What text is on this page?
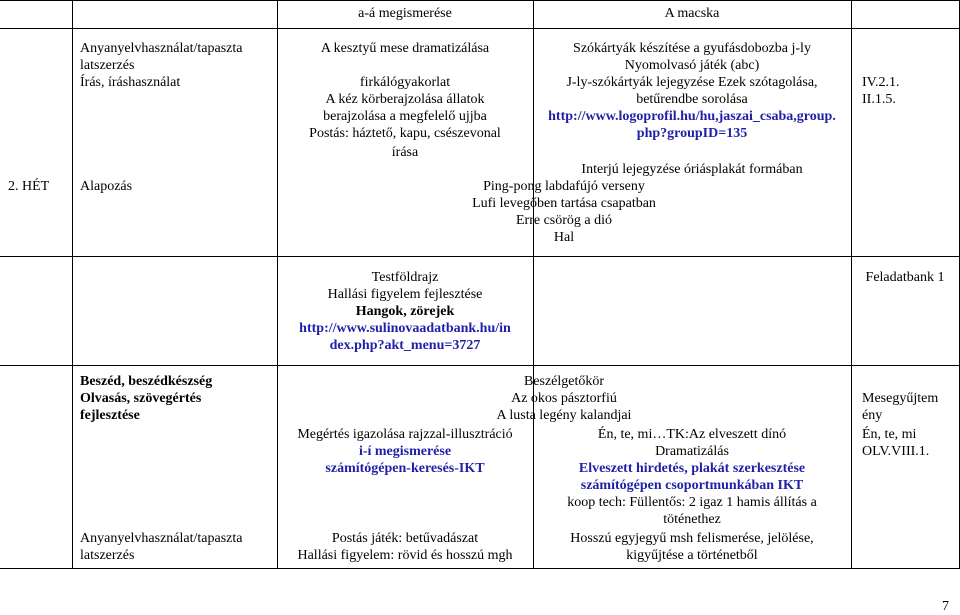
a-á megismerése	A macska
Anyanyelvhasználat/tapaszta
latszerzés
Írás, íráshasználat
A kesztyű mese dramatizálása
firkálógyakorlat
A kéz körberajzolása állatok
berajzolása a megfelelő ujjba
Postás: háztető, kapu, csészevonal
írása
Szókártyák készítése a gyufásdobozba j-ly
Nyomolvasó játék (abc)
J-ly-szókártyák lejegyzése Ezek szótagolása,
betűrendbe sorolása
http://www.logoprofil.hu/hu,jaszai_csaba,group.
php?groupID=135
Interjú lejegyzése óriásplakát formában
IV.2.1.
II.1.5.
2. HÉT Alapozás	Ping-pong labdafújó verseny
Lufi levegőben tartása csapatban
Erre csörög a dió
Hal
Testföldrajz
Hallási figyelem fejlesztése
Hangok, zörejek
http://www.sulinovaadatbank.hu/in
dex.php?akt_menu=3727
Feladatbank 1
Beszéd, beszédkészség
Olvasás, szövegértés
fejlesztése
Anyanyelvhasználat/tapaszta
latszerzés
Beszélgetőkör
Az okos pásztorfiú
A lusta legény kalandjai
Megértés igazolása rajzzal-illusztráció
i-í megismerése
számítógépen-keresés-IKT
Postás játék: betűvadászat
Hallási figyelem: rövid és hosszú mgh
Én, te, mi…TK:Az elveszett dínó
Dramatizálás
Elveszett hirdetés, plakát szerkesztése
számítógépen csoportmunkában IKT
koop tech: Füllentős: 2 igaz 1 hamis állítás a
töténethez
Hosszú egyjegyű msh felismerése, jelölése,
kigyűjtése a történetből
Mesegyűjtem
ény
Én, te, mi
OLV.VIII.1.
7
